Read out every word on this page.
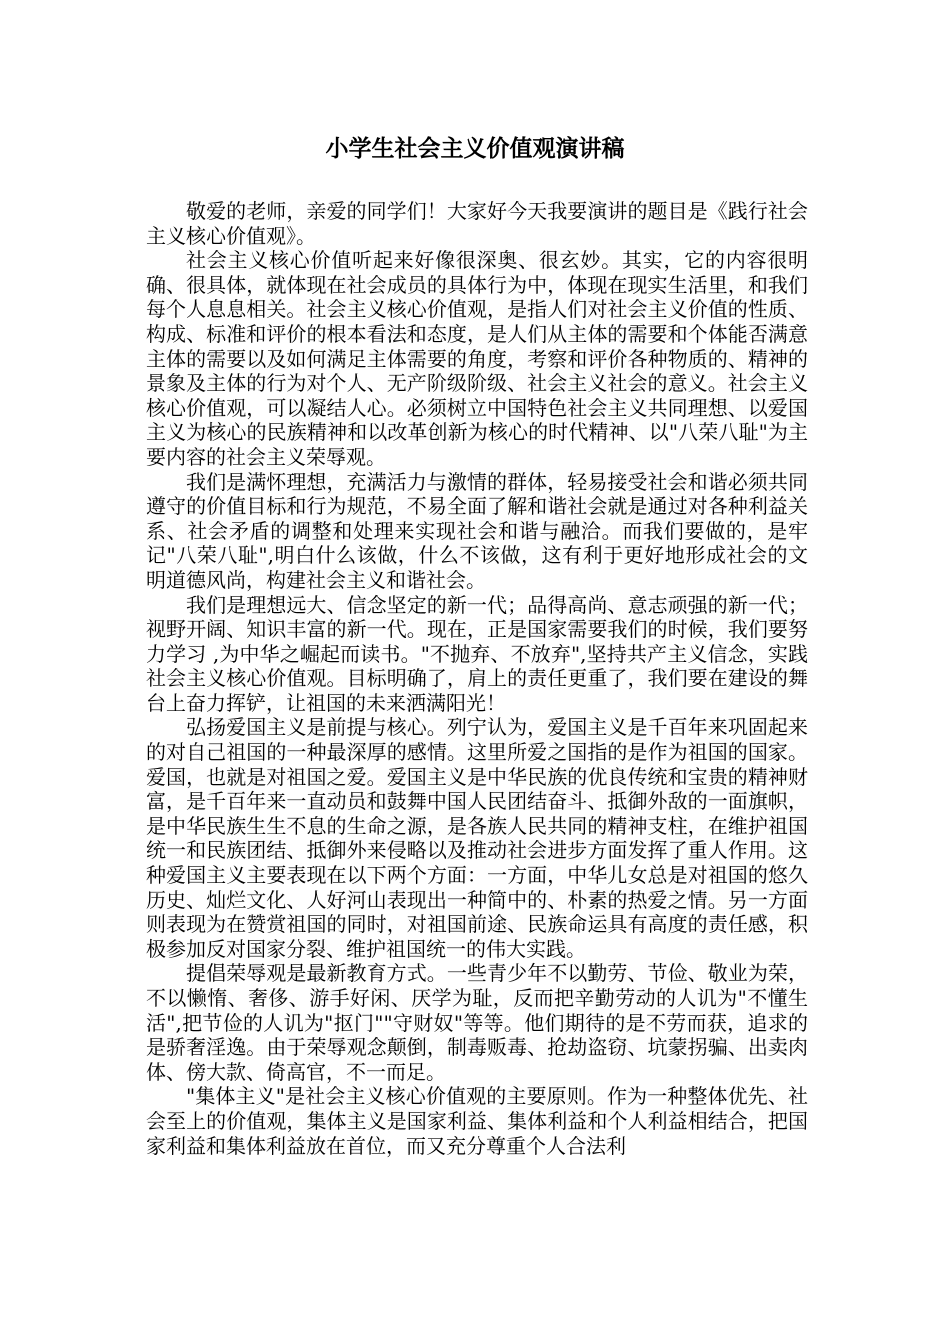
小学生社会主义价值观演讲稿

敬爱的老师，亲爱的同学们！大家好今天我要演讲的题目是《践行社会主义核心价值观》。

社会主义核心价值听起来好像很深奥、很玄妙。其实，它的内容很明确、很具体，就体现在社会成员的具体行为中，体现在现实生活里，和我们每个人息息相关。社会主义核心价值观，是指人们对社会主义价值的性质、构成、标准和评价的根本看法和态度，是人们从主体的需要和个体能否满意主体的需要以及如何满足主体需要的角度，考察和评价各种物质的、精神的景象及主体的行为对个人、无产阶级阶级、社会主义社会的意义。社会主义核心价值观，可以凝结人心。必须树立中国特色社会主义共同理想、以爱国主义为核心的民族精神和以改革创新为核心的时代精神、以"八荣八耻"为主要内容的社会主义荣辱观。

我们是满怀理想，充满活力与激情的群体，轻易接受社会和谐必须共同遵守的价值目标和行为规范，不易全面了解和谐社会就是通过对各种利益关系、社会矛盾的调整和处理来实现社会和谐与融洽。而我们要做的，是牢记"八荣八耻",明白什么该做，什么不该做，这有利于更好地形成社会的文明道德风尚，构建社会主义和谐社会。

我们是理想远大、信念坚定的新一代；品得高尚、意志顽强的新一代；视野开阔、知识丰富的新一代。现在，正是国家需要我们的时候，我们要努力学习 ,为中华之崛起而读书。"不抛弃、不放弃",坚持共产主义信念，实践社会主义核心价值观。目标明确了，肩上的责任更重了，我们要在建设的舞台上奋力挥铲，让祖国的未来洒满阳光！

弘扬爱国主义是前提与核心。列宁认为，爱国主义是千百年来巩固起来的对自己祖国的一种最深厚的感情。这里所爱之国指的是作为祖国的国家。爱国，也就是对祖国之爱。爱国主义是中华民族的优良传统和宝贵的精神财富，是千百年来一直动员和鼓舞中国人民团结奋斗、抵御外敌的一面旗帜，是中华民族生生不息的生命之源，是各族人民共同的精神支柱，在维护祖国统一和民族团结、抵御外来侵略以及推动社会进步方面发挥了重人作用。这种爱国主义主要表现在以下两个方面：一方面，中华儿女总是对祖国的悠久历史、灿烂文化、人好河山表现出一种简中的、朴素的热爱之情。另一方面则表现为在赞赏祖国的同时，对祖国前途、民族命运具有高度的责任感，积极参加反对国家分裂、维护祖国统一的伟大实践。

提倡荣辱观是最新教育方式。一些青少年不以勤劳、节俭、敬业为荣，不以懒惰、奢侈、游手好闲、厌学为耻，反而把辛勤劳动的人讥为"不懂生活",把节俭的人讥为"抠门""守财奴"等等。他们期待的是不劳而获，追求的是骄奢淫逸。由于荣辱观念颠倒，制毒贩毒、抢劫盗窃、坑蒙拐骗、出卖肉体、傍大款、倚高官，不一而足。

"集体主义"是社会主义核心价值观的主要原则。作为一种整体优先、社会至上的价值观，集体主义是国家利益、集体利益和个人利益相结合，把国家利益和集体利益放在首位，而又充分尊重个人合法利
